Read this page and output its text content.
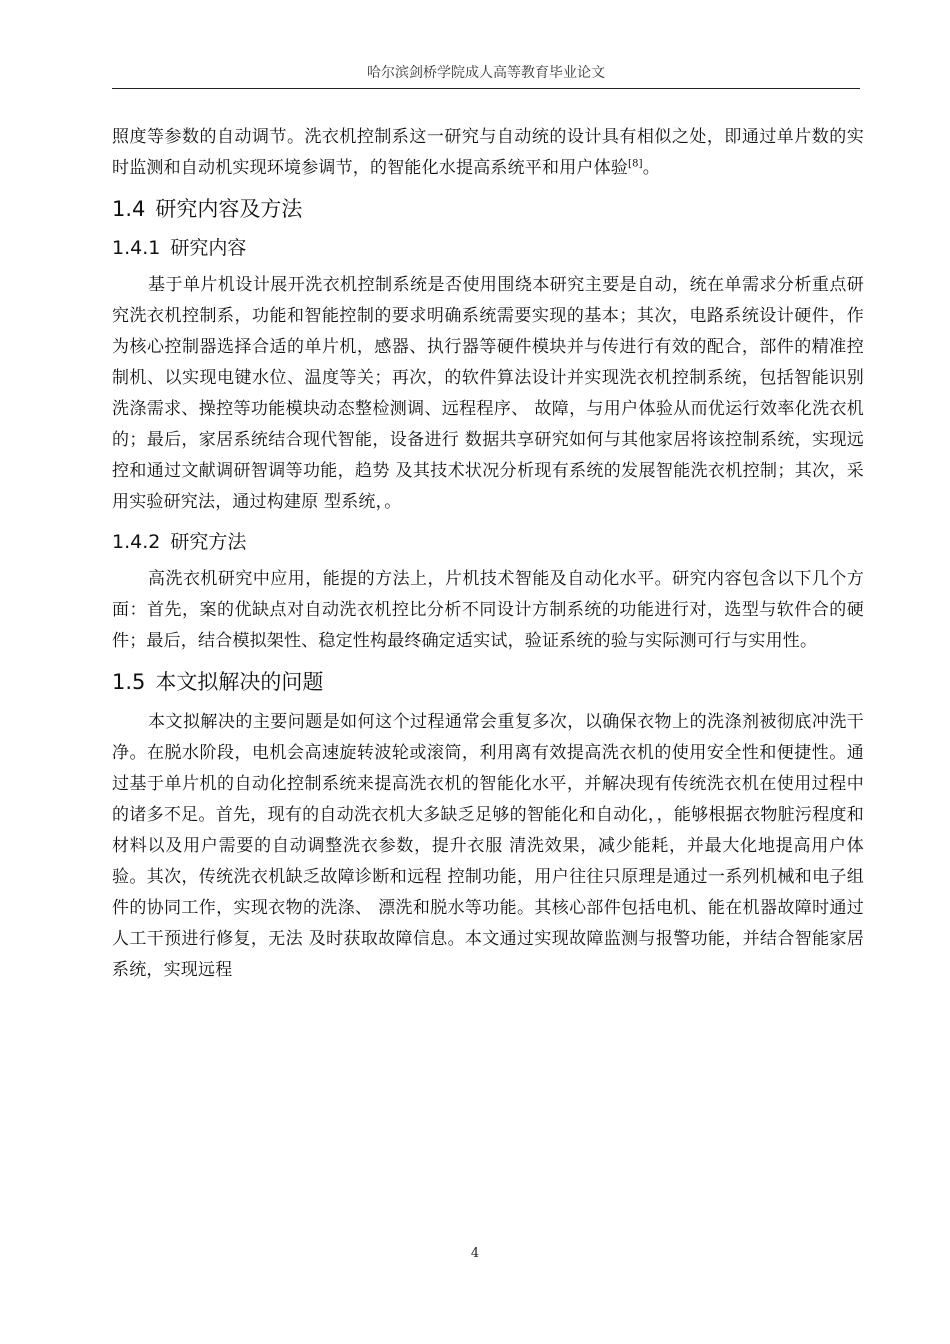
哈尔滨剑桥学院成人高等教育毕业论文

照度等参数的自动调节。洗衣机控制系这一研究与自动统的设计具有相似之处，即通过单片数的实时监测和自动机实现环境参调节，的智能化水提高系统平和用户体验[8]。

1.4 研究内容及方法
1.4.1 研究内容

基于单片机设计展开洗衣机控制系统是否使用围绕本研究主要是自动，统在单需求分析重点研究洗衣机控制系，功能和智能控制的要求明确系统需要实现的基本；其次，电路系统设计硬件，作为核心控制器选择合适的单片机，感器、执行器等硬件模块并与传进行有效的配合，部件的精准控制机、以实现电键水位、温度等关；再次，的软件算法设计并实现洗衣机控制系统，包括智能识别洗涤需求、操控等功能模块动态整检测调、远程程序、 故障，与用户体验从而优运行效率化洗衣机的；最后，家居系统结合现代智能，设备进行 数据共享研究如何与其他家居将该控制系统，实现远控和通过文献调研智调等功能，趋势 及其技术状况分析现有系统的发展智能洗衣机控制；其次，采用实验研究法，通过构建原 型系统，。

1.4.2 研究方法

高洗衣机研究中应用，能提的方法上，片机技术智能及自动化水平。研究内容包含以下几个方面：首先，案的优缺点对自动洗衣机控比分析不同设计方制系统的功能进行对，选型与软件合的硬件；最后，结合模拟架性、稳定性构最终确定适实试，验证系统的验与实际测可行与实用性。

1.5 本文拟解决的问题

本文拟解决的主要问题是如何这个过程通常会重复多次，以确保衣物上的洗涤剂被彻底冲洗干净。在脱水阶段，电机会高速旋转波轮或滚筒，利用离有效提高洗衣机的使用安全性和便捷性。通过基于单片机的自动化控制系统来提高洗衣机的智能化水平，并解决现有传统洗衣机在使用过程中的诸多不足。首先，现有的自动洗衣机大多缺乏足够的智能化和自动化，，能够根据衣物脏污程度和材料以及用户需要的自动调整洗衣参数，提升衣服 清洗效果，减少能耗，并最大化地提高用户体验。其次，传统洗衣机缺乏故障诊断和远程 控制功能，用户往往只原理是通过一系列机械和电子组件的协同工作，实现衣物的洗涤、 漂洗和脱水等功能。其核心部件包括电机、能在机器故障时通过人工干预进行修复，无法 及时获取故障信息。本文通过实现故障监测与报警功能，并结合智能家居系统，实现远程

4
